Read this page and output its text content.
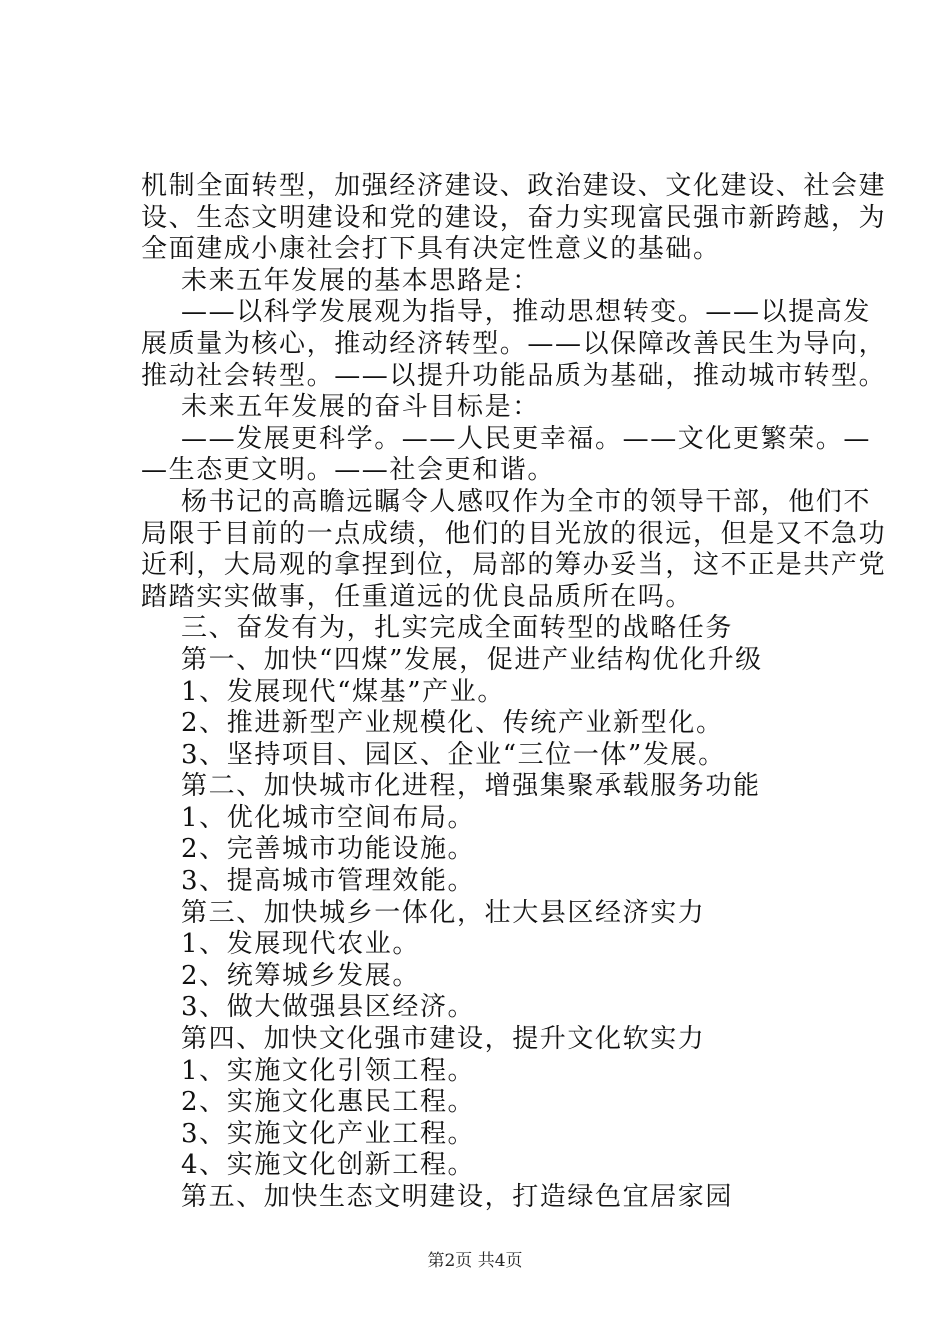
机制全面转型，加强经济建设、政治建设、文化建设、社会建

设、生态文明建设和党的建设，奋力实现富民强市新跨越，为

全面建成小康社会打下具有决定性意义的基础。

未来五年发展的基本思路是：

——以科学发展观为指导，推动思想转变。——以提高发

展质量为核心，推动经济转型。——以保障改善民生为导向，

推动社会转型。——以提升功能品质为基础，推动城市转型。

未来五年发展的奋斗目标是：

——发展更科学。——人民更幸福。——文化更繁荣。—

—生态更文明。——社会更和谐。

杨书记的高瞻远瞩令人感叹作为全市的领导干部，他们不

局限于目前的一点成绩，他们的目光放的很远，但是又不急功

近利，大局观的拿捏到位，局部的筹办妥当，这不正是共产党

踏踏实实做事，任重道远的优良品质所在吗。

三、奋发有为，扎实完成全面转型的战略任务

第一、加快“四煤”发展，促进产业结构优化升级

1、发展现代“煤基”产业。

2、推进新型产业规模化、传统产业新型化。

3、坚持项目、园区、企业“三位一体”发展。

第二、加快城市化进程，增强集聚承载服务功能

1、优化城市空间布局。

2、完善城市功能设施。

3、提高城市管理效能。

第三、加快城乡一体化，壮大县区经济实力

1、发展现代农业。

2、统筹城乡发展。

3、做大做强县区经济。

第四、加快文化强市建设，提升文化软实力

1、实施文化引领工程。

2、实施文化惠民工程。

3、实施文化产业工程。

4、实施文化创新工程。

第五、加快生态文明建设，打造绿色宜居家园

第2页 共4页
